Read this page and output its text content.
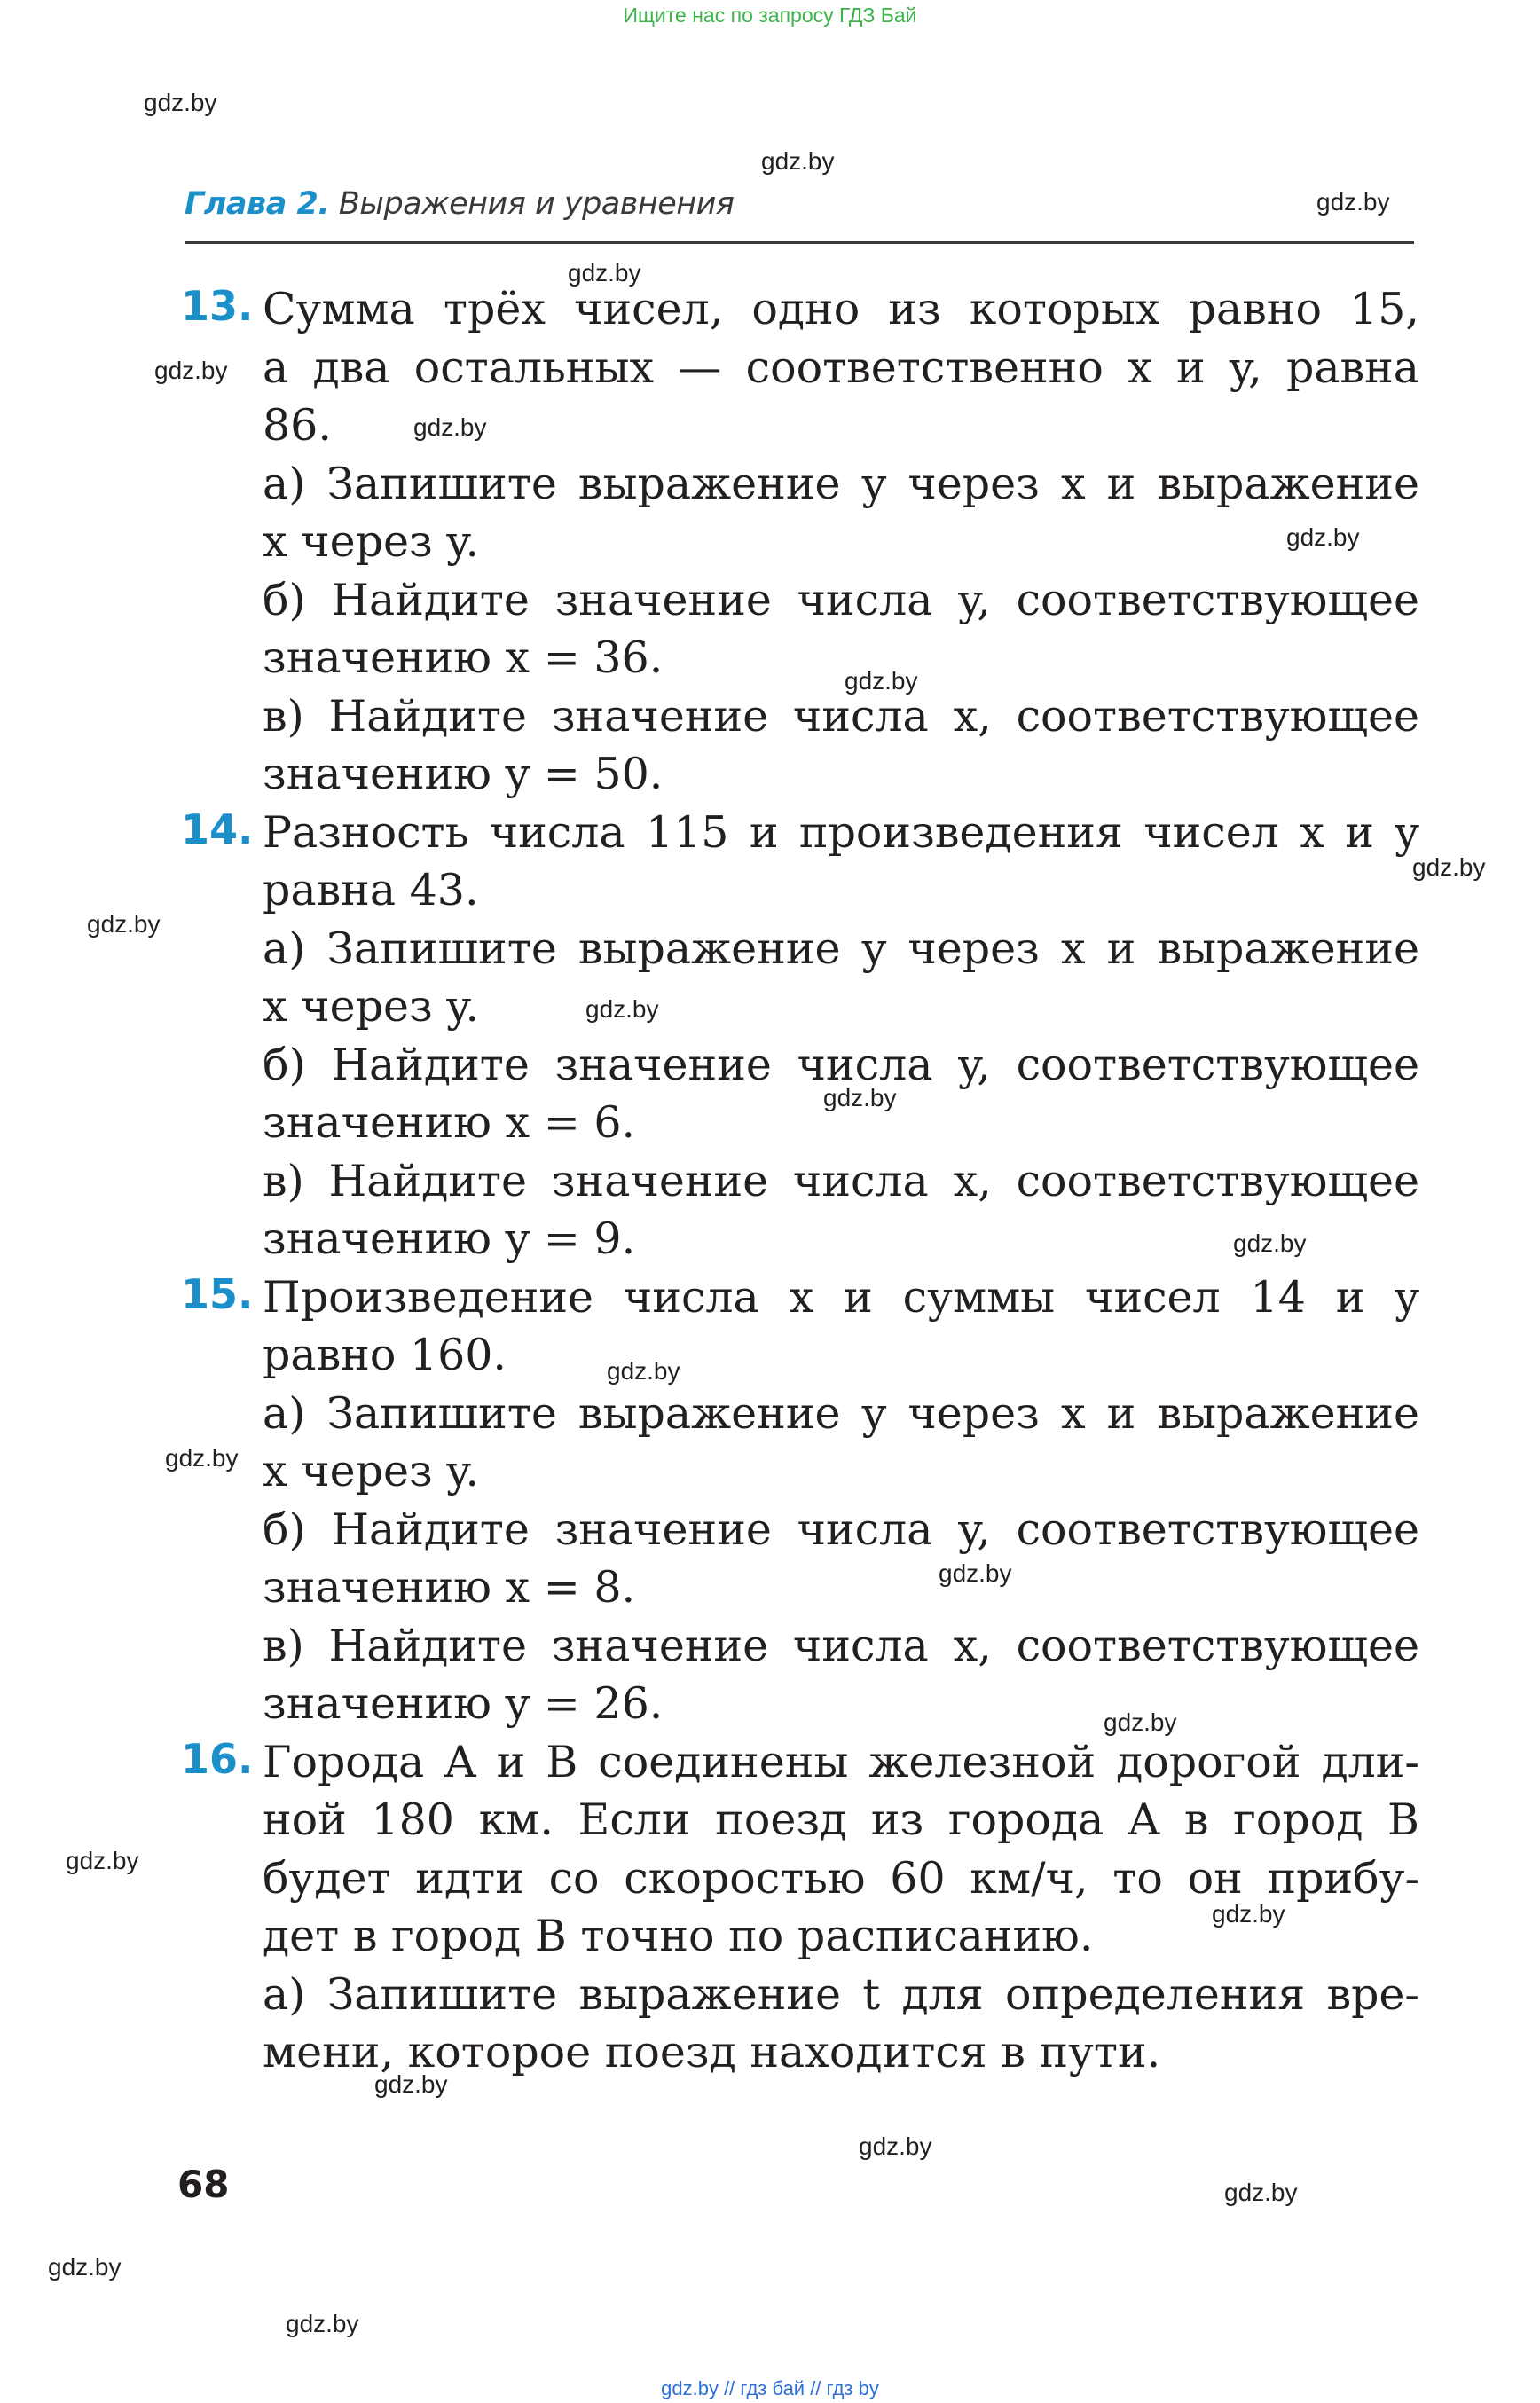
Ищите нас по запросу ГДЗ Бай
Глава 2. Выражения и уравнения
13. Сумма трёх чисел, одно из которых равно 15,
а два остальных — соответственно x и y, равна
86.
а) Запишите выражение y через x и выражение
x через y.
б) Найдите значение числа y, соответствующее
значению x = 36.
в) Найдите значение числа x, соответствующее
значению y = 50.
14. Разность числа 115 и произведения чисел x и y
равна 43.
а) Запишите выражение y через x и выражение
x через y.
б) Найдите значение числа y, соответствующее
значению x = 6.
в) Найдите значение числа x, соответствующее
значению y = 9.
15. Произведение числа x и суммы чисел 14 и y
равно 160.
а) Запишите выражение y через x и выражение
x через y.
б) Найдите значение числа y, соответствующее
значению x = 8.
в) Найдите значение числа x, соответствующее
значению y = 26.
16. Города A и B соединены железной дорогой дли-
ной 180 км. Если поезд из города A в город B
будет идти со скоростью 60 км/ч, то он прибу-
дет в город B точно по расписанию.
а) Запишите выражение t для определения вре-
мени, которое поезд находится в пути.
68
gdz.by
gdz.by
gdz.by
gdz.by
gdz.by
gdz.by
gdz.by
gdz.by
gdz.by
gdz.by
gdz.by
gdz.by
gdz.by
gdz.by
gdz.by
gdz.by
gdz.by
gdz.by
gdz.by
gdz.by
gdz.by
gdz.by
gdz.by
gdz.by
gdz.by // гдз бай // гдз by
